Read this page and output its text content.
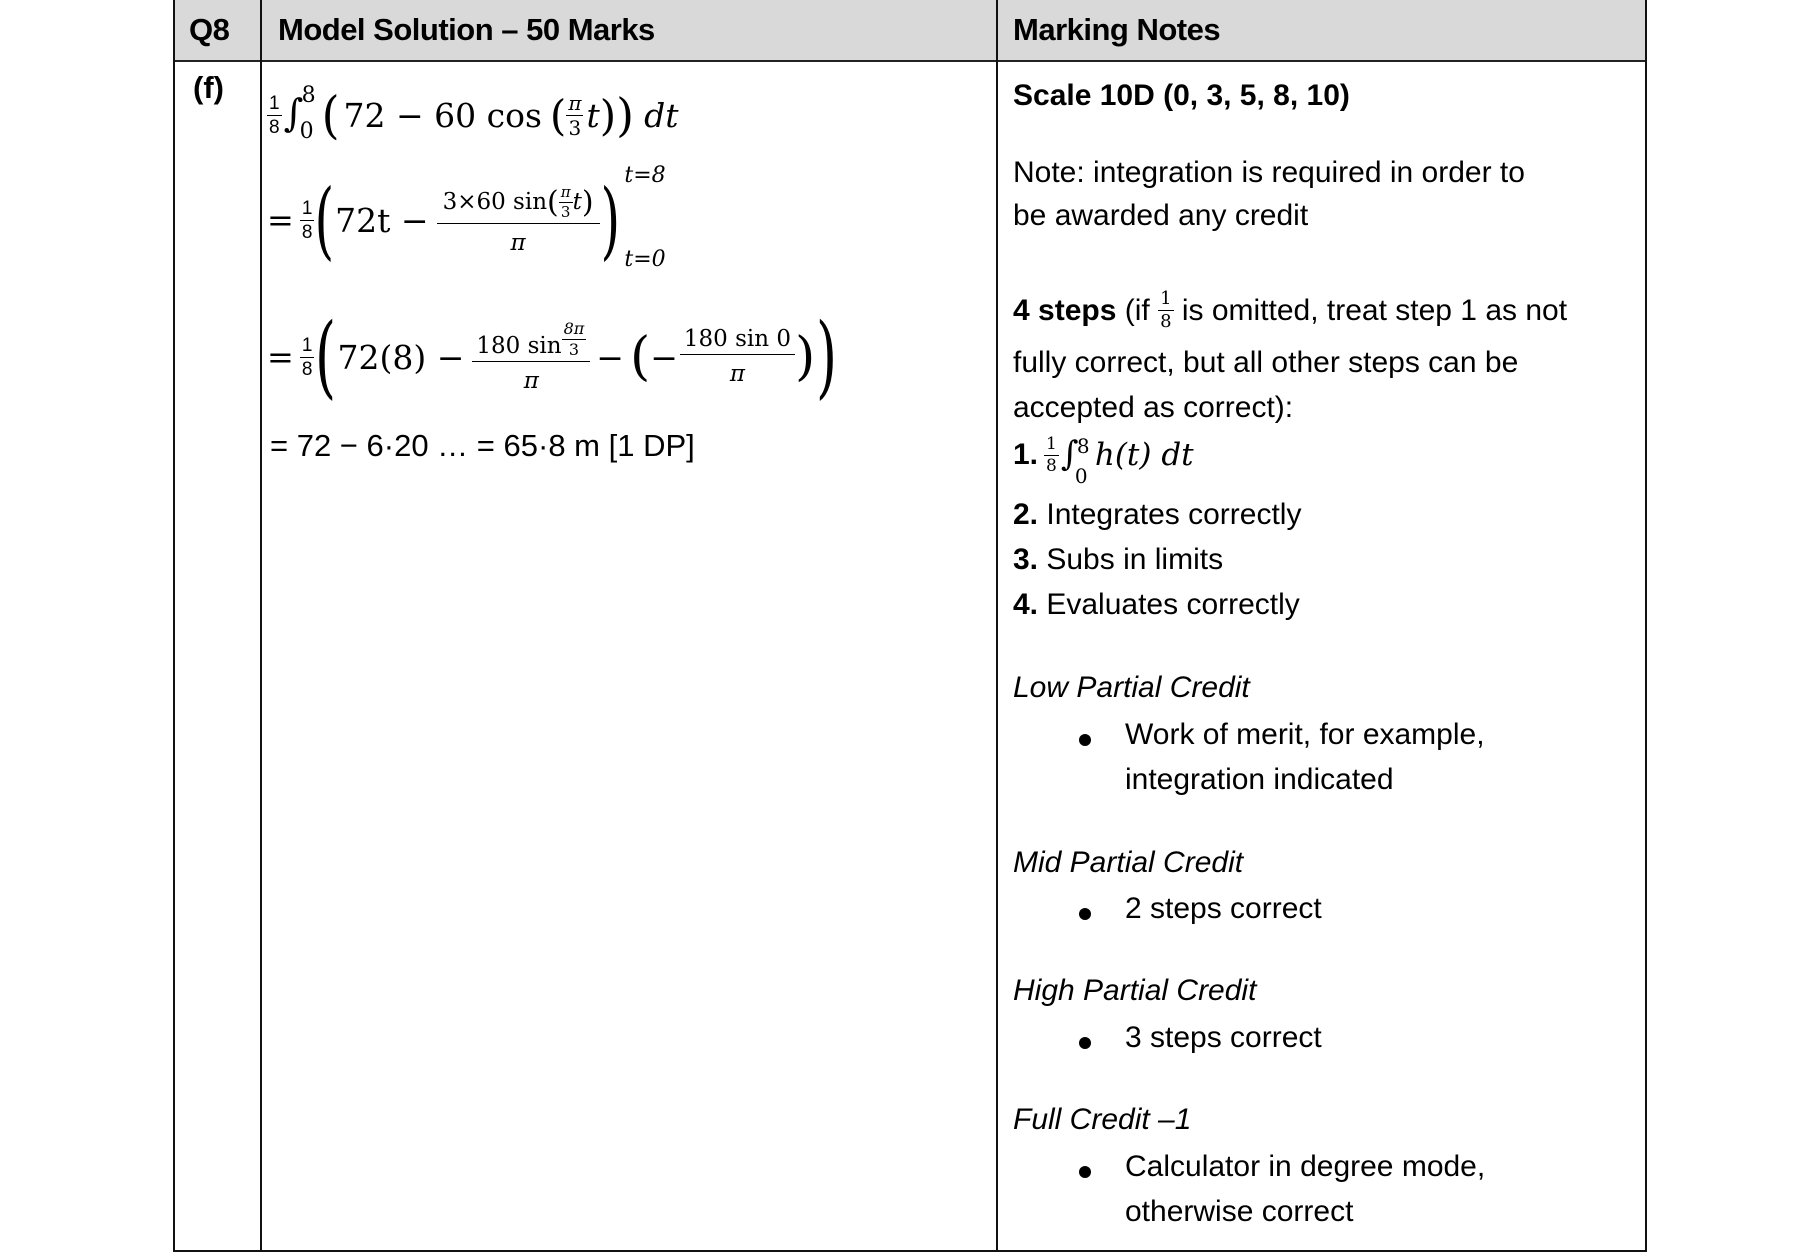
Q8 Model Solution – 50 Marks	Marking Notes
(f)
$\frac{1}{8}$ ∫
8
0 ( 72 − 60 cos ( $\frac{\pi}{3}$ t ) ) dt
= $\frac{1}{8}$ ( 72t − 3×60 sin ( $\frac{\pi}{3}$ t )
π ) t=8
t=0
= $\frac{1}{8}$ ( $72(8) - \frac{180 \sin \frac{8\pi}{3}}{\pi}$ − ( − $\frac{180 \sin 0}{\pi}$ ) )
= 72 − 6·20 … = 65·8 m [1 DP]
Scale 10D (0, 3, 5, 8, 10)
Note: integration is required in order to
be awarded any credit
4 steps ($if \frac{1}{8}$ is omitted, treat step 1 as not
fully correct, but all other steps can be
accepted as correct):
1. $\frac{1}{8}$ ∫
8
0
h(t) dt
2. Integrates correctly
3. Subs in limits
4. Evaluates correctly
Low Partial Credit
Work of merit, for example,
integration indicated
Mid Partial Credit
2 steps correct
High Partial Credit
3 steps correct
Full Credit –1
Calculator in degree mode,
otherwise correct
